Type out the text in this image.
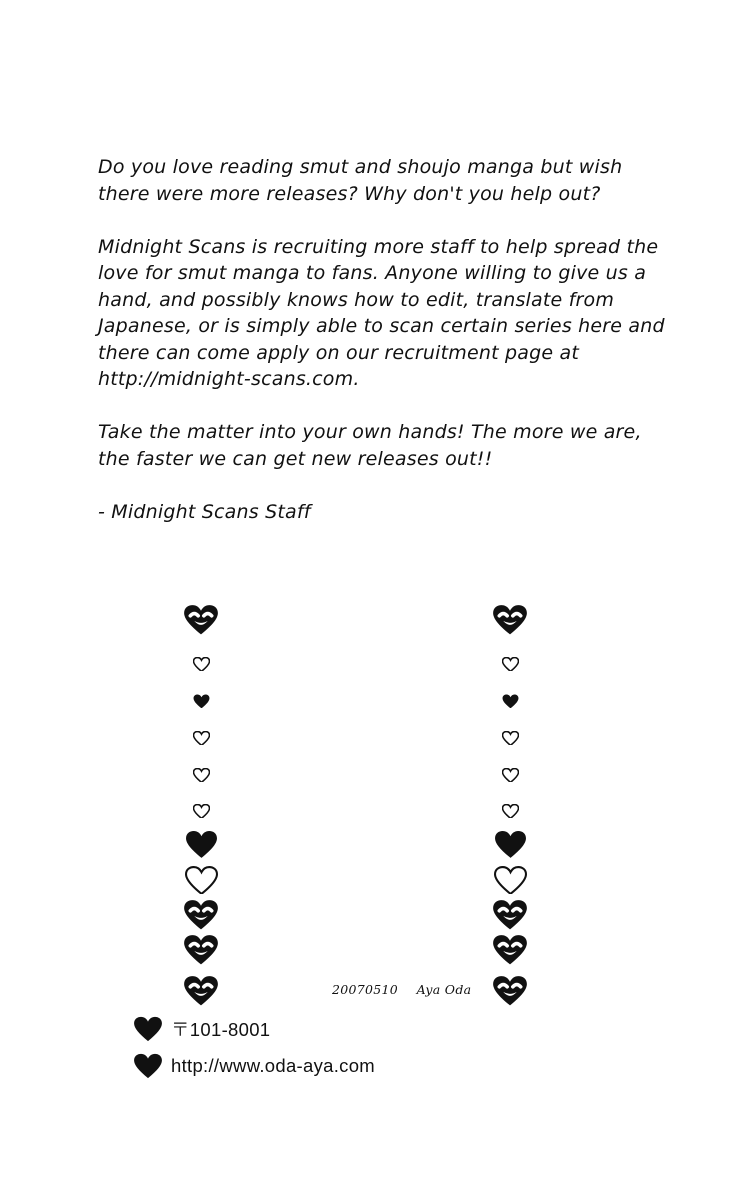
Do you love reading smut and shoujo manga but wish there were more releases? Why don't you help out?

Midnight Scans is recruiting more staff to help spread the love for smut manga to fans. Anyone willing to give us a hand, and possibly knows how to edit, translate from Japanese, or is simply able to scan certain series here and there can come apply on our recruitment page at http://midnight-scans.com.

Take the matter into your own hands! The more we are, the faster we can get new releases out!!

- Midnight Scans Staff

20070510 Aya Oda
〒101-8001
http://www.oda-aya.com
